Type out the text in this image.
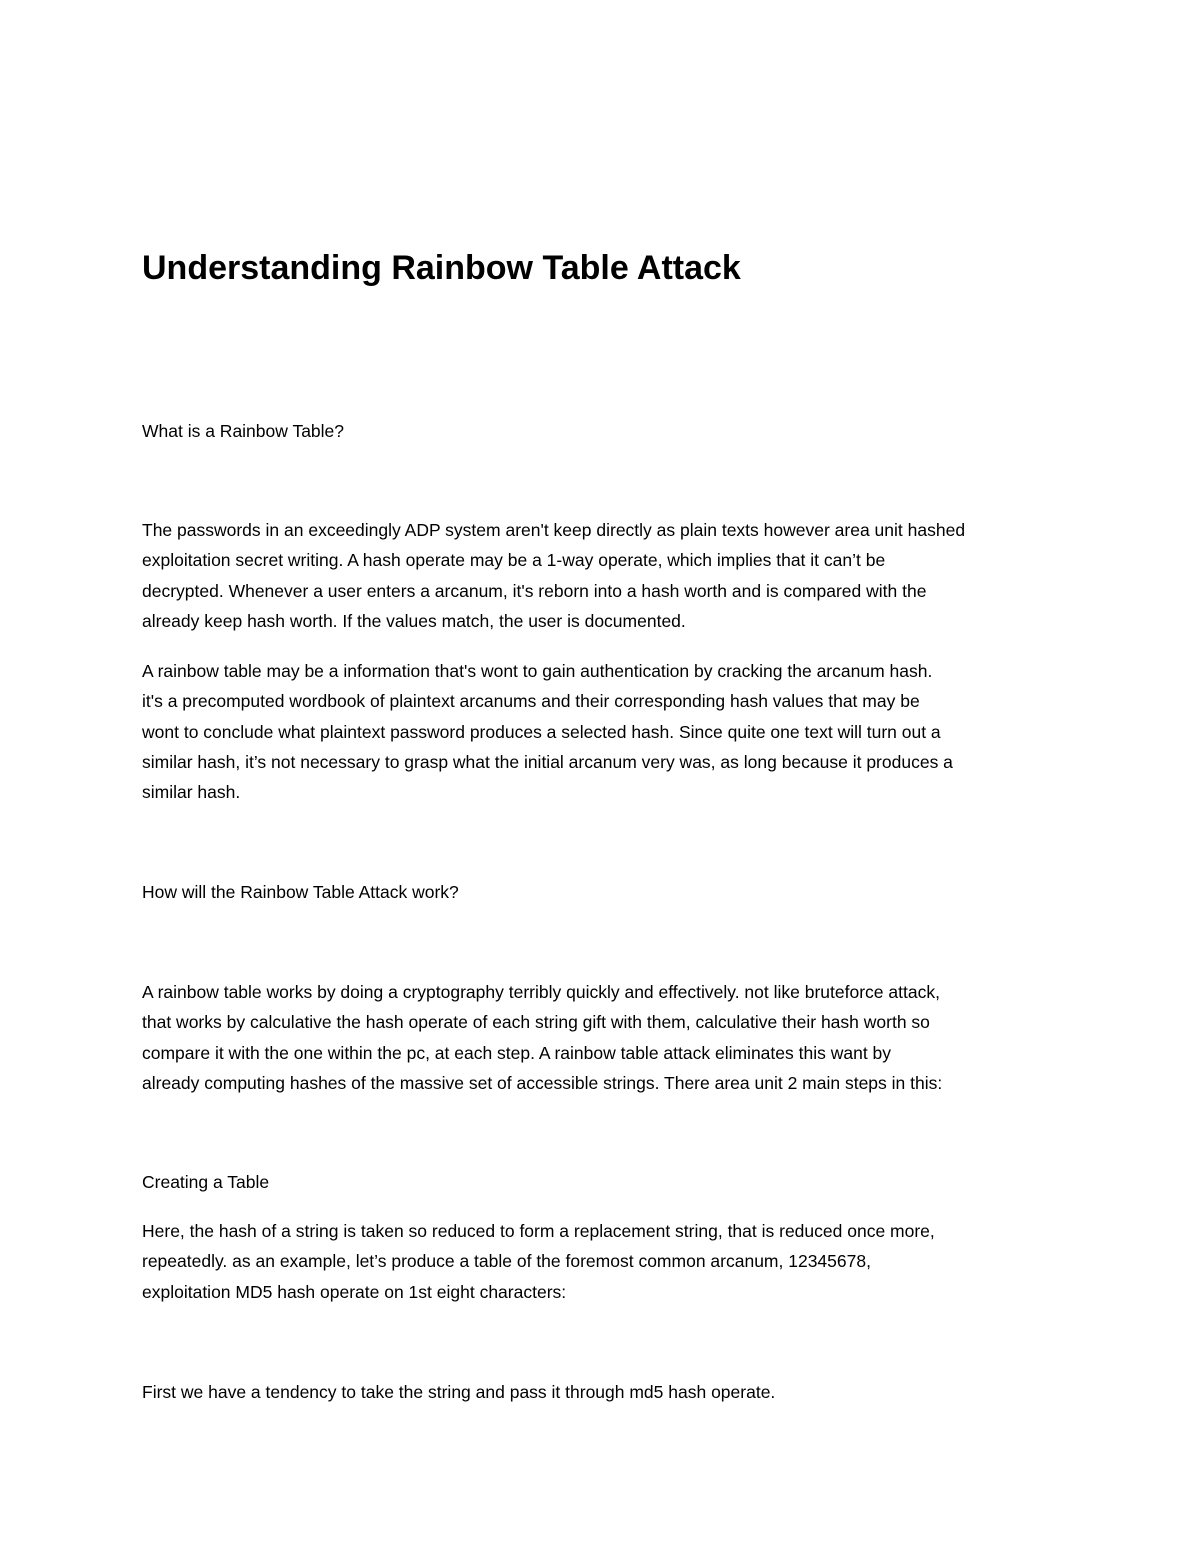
Understanding Rainbow Table Attack

What is a Rainbow Table?

The passwords in an exceedingly ADP system aren't keep directly as plain texts however area unit hashed
exploitation secret writing. A hash operate may be a 1-way operate, which implies that it can’t be
decrypted. Whenever a user enters a arcanum, it's reborn into a hash worth and is compared with the
already keep hash worth. If the values match, the user is documented.

A rainbow table may be a information that's wont to gain authentication by cracking the arcanum hash.
it's a precomputed wordbook of plaintext arcanums and their corresponding hash values that may be
wont to conclude what plaintext password produces a selected hash. Since quite one text will turn out a
similar hash, it’s not necessary to grasp what the initial arcanum very was, as long because it produces a
similar hash.

How will the Rainbow Table Attack work?

A rainbow table works by doing a cryptography terribly quickly and effectively. not like bruteforce attack,
that works by calculative the hash operate of each string gift with them, calculative their hash worth so
compare it with the one within the pc, at each step. A rainbow table attack eliminates this want by
already computing hashes of the massive set of accessible strings. There area unit 2 main steps in this:

Creating a Table

Here, the hash of a string is taken so reduced to form a replacement string, that is reduced once more,
repeatedly. as an example, let’s produce a table of the foremost common arcanum, 12345678,
exploitation MD5 hash operate on 1st eight characters:

First we have a tendency to take the string and pass it through md5 hash operate.
